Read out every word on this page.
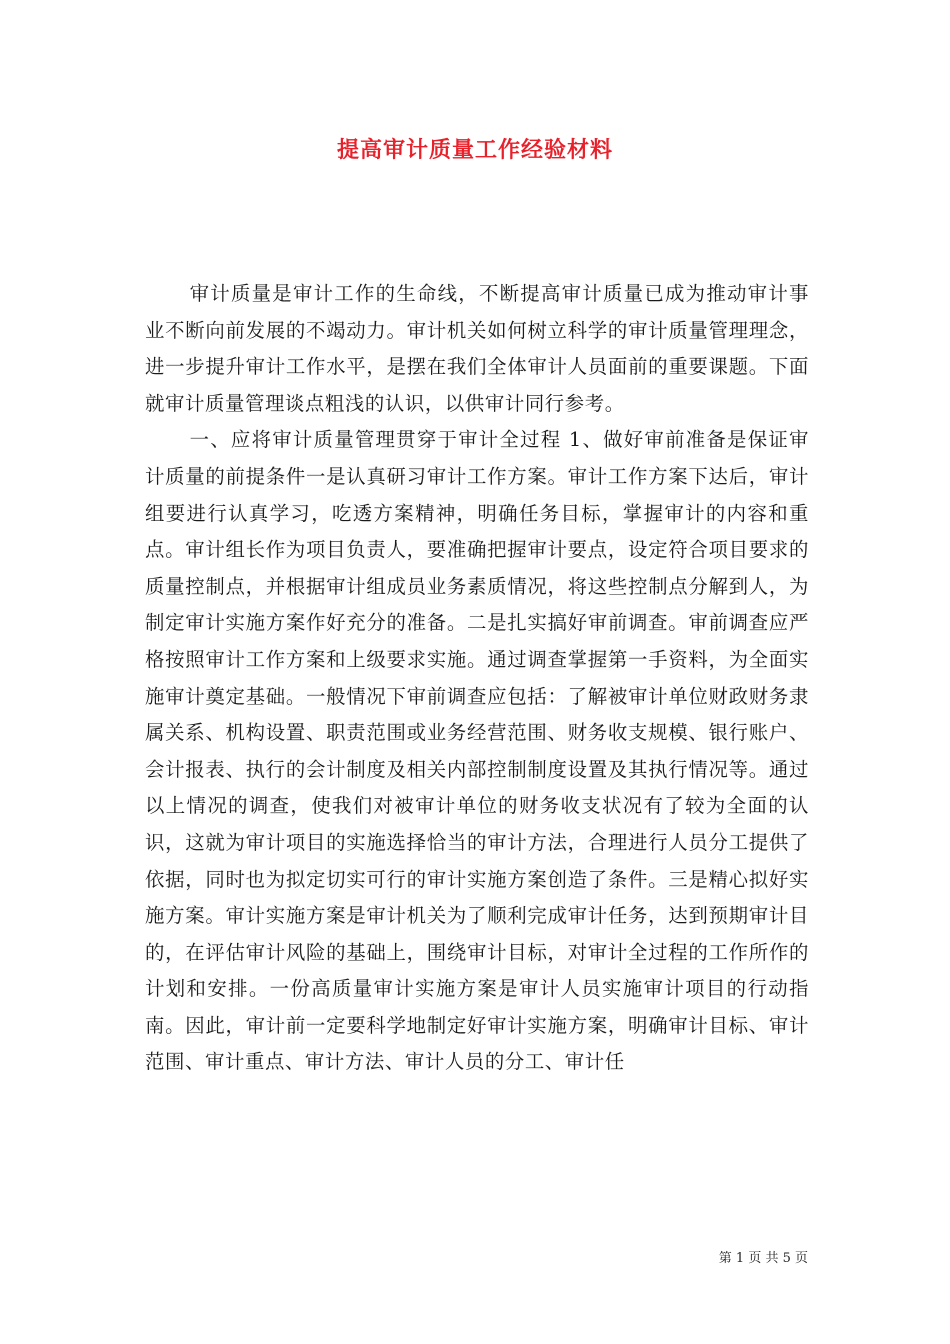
提高审计质量工作经验材料

审计质量是审计工作的生命线，不断提高审计质量已成为推动审计事业不断向前发展的不竭动力。审计机关如何树立科学的审计质量管理理念，进一步提升审计工作水平，是摆在我们全体审计人员面前的重要课题。下面就审计质量管理谈点粗浅的认识，以供审计同行参考。

一、应将审计质量管理贯穿于审计全过程 1、做好审前准备是保证审计质量的前提条件一是认真研习审计工作方案。审计工作方案下达后，审计组要进行认真学习，吃透方案精神，明确任务目标，掌握审计的内容和重点。审计组长作为项目负责人，要准确把握审计要点，设定符合项目要求的质量控制点，并根据审计组成员业务素质情况，将这些控制点分解到人，为制定审计实施方案作好充分的准备。二是扎实搞好审前调查。审前调查应严格按照审计工作方案和上级要求实施。通过调查掌握第一手资料，为全面实施审计奠定基础。一般情况下审前调查应包括：了解被审计单位财政财务隶属关系、机构设置、职责范围或业务经营范围、财务收支规模、银行账户、会计报表、执行的会计制度及相关内部控制制度设置及其执行情况等。通过以上情况的调查，使我们对被审计单位的财务收支状况有了较为全面的认识，这就为审计项目的实施选择恰当的审计方法，合理进行人员分工提供了依据，同时也为拟定切实可行的审计实施方案创造了条件。三是精心拟好实施方案。审计实施方案是审计机关为了顺利完成审计任务，达到预期审计目的，在评估审计风险的基础上，围绕审计目标，对审计全过程的工作所作的计划和安排。一份高质量审计实施方案是审计人员实施审计项目的行动指南。因此，审计前一定要科学地制定好审计实施方案，明确审计目标、审计范围、审计重点、审计方法、审计人员的分工、审计任

第 1 页 共 5 页
